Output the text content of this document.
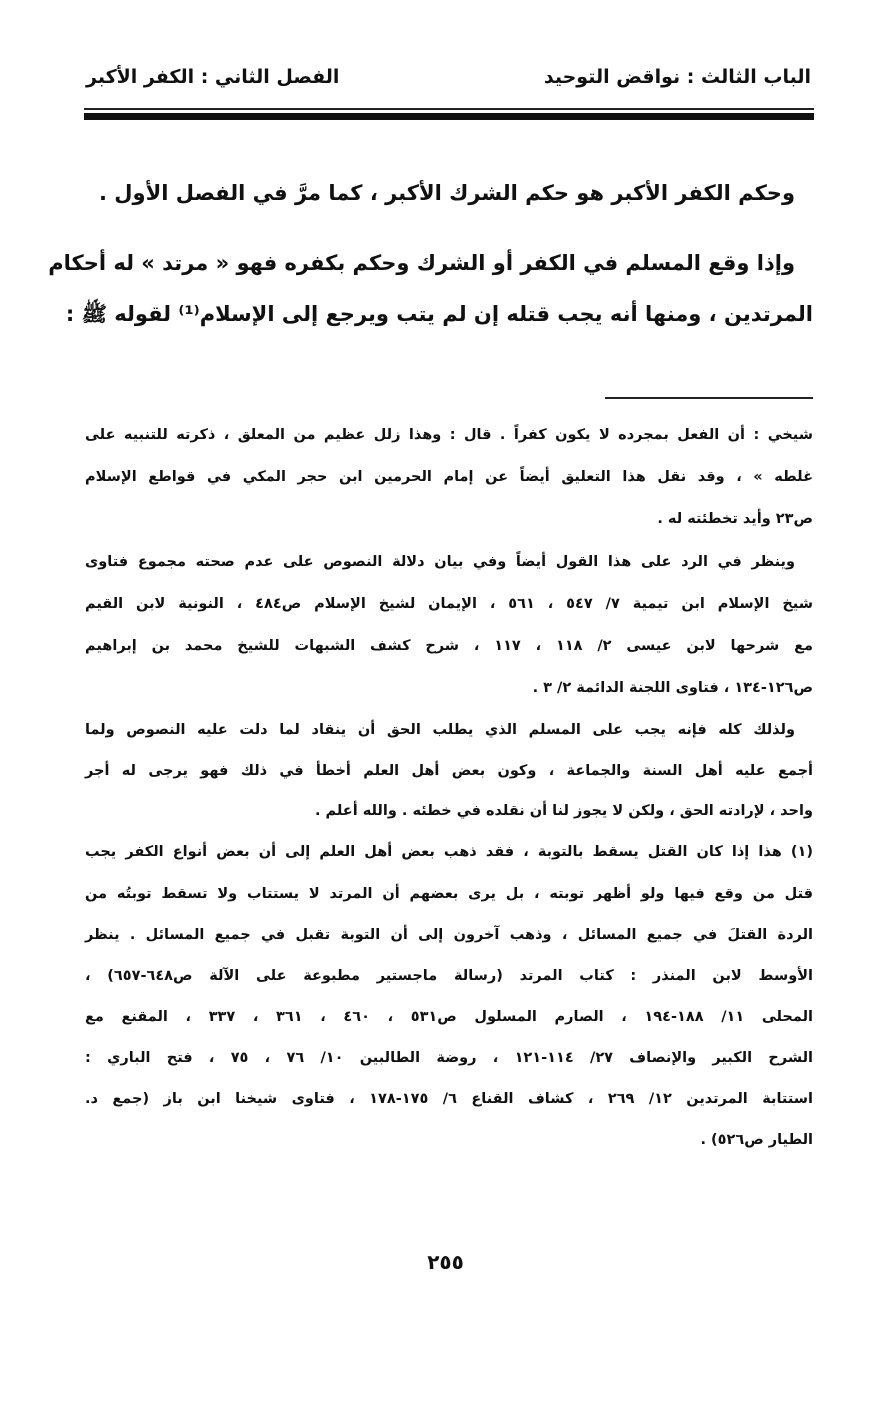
الباب الثالث : نواقض التوحيد
الفصل الثاني : الكفر الأكبر
وحكم الكفر الأكبر هو حكم الشرك الأكبر ، كما مرَّ في الفصل الأول .
وإذا وقع المسلم في الكفر أو الشرك وحكم بكفره فهو « مرتد » له أحكام
المرتدين ، ومنها أنه يجب قتله إن لم يتب ويرجع إلى الإسلام⁽¹⁾ لقوله ﷺ :
شيخي : أن الفعل بمجرده لا يكون كفراً . قال : وهذا زلل عظيم من المعلق ، ذكرته للتنبيه على
غلطه » ، وقد نقل هذا التعليق أيضاً عن إمام الحرمين ابن حجر المكي في قواطع الإسلام
ص٢٣ وأيد تخطئته له .
وينظر في الرد على هذا القول أيضاً وفي بيان دلالة النصوص على عدم صحته مجموع فتاوى
شيخ الإسلام ابن تيمية ٧/ ٥٤٧ ، ٥٦١ ، الإيمان لشيخ الإسلام ص٤٨٤ ، النونية لابن القيم
مع شرحها لابن عيسى ٢/ ١١٨ ، ١١٧ ، شرح كشف الشبهات للشيخ محمد بن إبراهيم
ص١٢٦-١٣٤ ، فتاوى اللجنة الدائمة ٢/ ٣ .
ولذلك كله فإنه يجب على المسلم الذي يطلب الحق أن ينقاد لما دلت عليه النصوص ولما
أجمع عليه أهل السنة والجماعة ، وكون بعض أهل العلم أخطأ في ذلك فهو يرجى له أجر
واحد ، لإرادته الحق ، ولكن لا يجوز لنا أن نقلده في خطئه . والله أعلم .
(١) هذا إذا كان القتل يسقط بالتوبة ، فقد ذهب بعض أهل العلم إلى أن بعض أنواع الكفر يجب
قتل من وقع فيها ولو أظهر توبته ، بل يرى بعضهم أن المرتد لا يستتاب ولا تسقط توبتُه من
الردة القتلَ في جميع المسائل ، وذهب آخرون إلى أن التوبة تقبل في جميع المسائل . ينظر
الأوسط لابن المنذر : كتاب المرتد (رسالة ماجستير مطبوعة على الآلة ص٦٤٨-٦٥٧) ،
المحلى ١١/ ١٨٨-١٩٤ ، الصارم المسلول ص٥٣١ ، ٤٦٠ ، ٣٦١ ، ٣٣٧ ، المقنع مع
الشرح الكبير والإنصاف ٢٧/ ١١٤-١٢١ ، روضة الطالبين ١٠/ ٧٦ ، ٧٥ ، فتح الباري :
استتابة المرتدين ١٢/ ٢٦٩ ، كشاف القناع ٦/ ١٧٥-١٧٨ ، فتاوى شيخنا ابن باز (جمع د.
الطيار ص٥٢٦) .
٢٥٥
